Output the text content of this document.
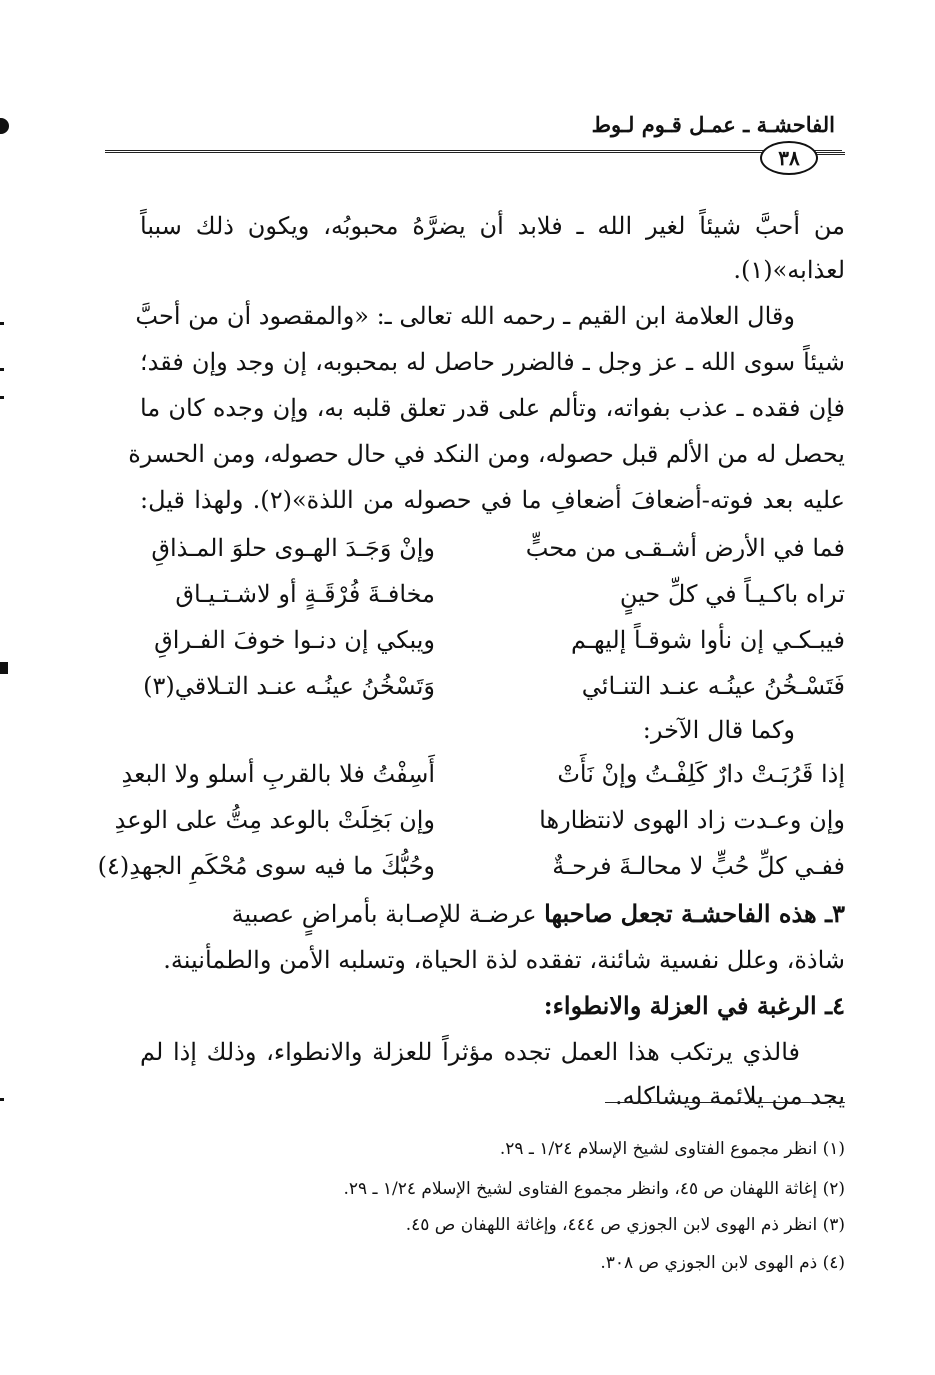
الفاحشـة ـ عمـل قـوم لـوط
٣٨
من أحبَّ شيئاً لغير الله ـ فلابد أن يضرَّهُ محبوبُه، ويكون ذلك سبباً
لعذابه»(١).
وقال العلامة ابن القيم ـ رحمه الله تعالى ـ: «والمقصود أن من أحبَّ
شيئاً سوى الله ـ عز وجل ـ فالضرر حاصل له بمحبوبه، إن وجد وإن فقد؛
فإن فقده ـ عذب بفواته، وتألم على قدر تعلق قلبه به، وإن وجده كان ما
يحصل له من الألم قبل حصوله، ومن النكد في حال حصوله، ومن الحسرة
عليه بعد فوته-أضعافَ أضعافِ ما في حصوله من اللذة»(٢). ولهذا قيل:
فما في الأرض أشـقـى من محبٍّ
وإنْ وَجَـدَ الهـوى حلوَ المـذاقِ
تراه باكـيـاً في كلِّ حينٍ
مخافـةَ فُرْقَـةٍ أو لاشـتـيـاق
فيبـكـي إن نأوا شوقـاً إليهـم
ويبكي إن دنـوا خوفَ الفـراقِ
فَتَسْـخُنُ عينُـه عنـد التنـائي
وَتَسْخُنُ عينُـه عنـد التـلاقي(٣)
وكما قال الآخر:
إذا قَرُبَـتْ دارٌ كَلِفْـتُ وإنْ نَأَتْ
أَسِفْتُ فلا بالقربِ أسلو ولا البعدِ
وإن وعـدت زاد الهوى لانتظارها
وإن بَخِلَتْ بالوعد مِتُّ على الوعدِ
ففـي كلِّ حُبٍّ لا محالـةَ فرحـةٌ
وحُبُّكَ ما فيه سوى مُحْكَمِ الجهدِ(٤)
٣ـ هذه الفاحشـة تجعل صاحبها عرضـة للإصـابة بأمراضٍ عصبية
شاذة، وعلل نفسية شائنة، تفقده لذة الحياة، وتسلبه الأمن والطمأنينة.
٤ـ الرغبة في العزلة والانطواء:
فالذي يرتكب هذا العمل تجده مؤثراً للعزلة والانطواء، وذلك إذا لم
يجد من يلائمة ويشاكله.
(١) انظر مجموع الفتاوى لشيخ الإسلام ١/٢٤ ـ ٢٩.
(٢) إغاثة اللهفان ص ٤٥، وانظر مجموع الفتاوى لشيخ الإسلام ١/٢٤ ـ ٢٩.
(٣) انظر ذم الهوى لابن الجوزي ص ٤٤٤، وإغاثة اللهفان ص ٤٥.
(٤) ذم الهوى لابن الجوزي ص ٣٠٨.
